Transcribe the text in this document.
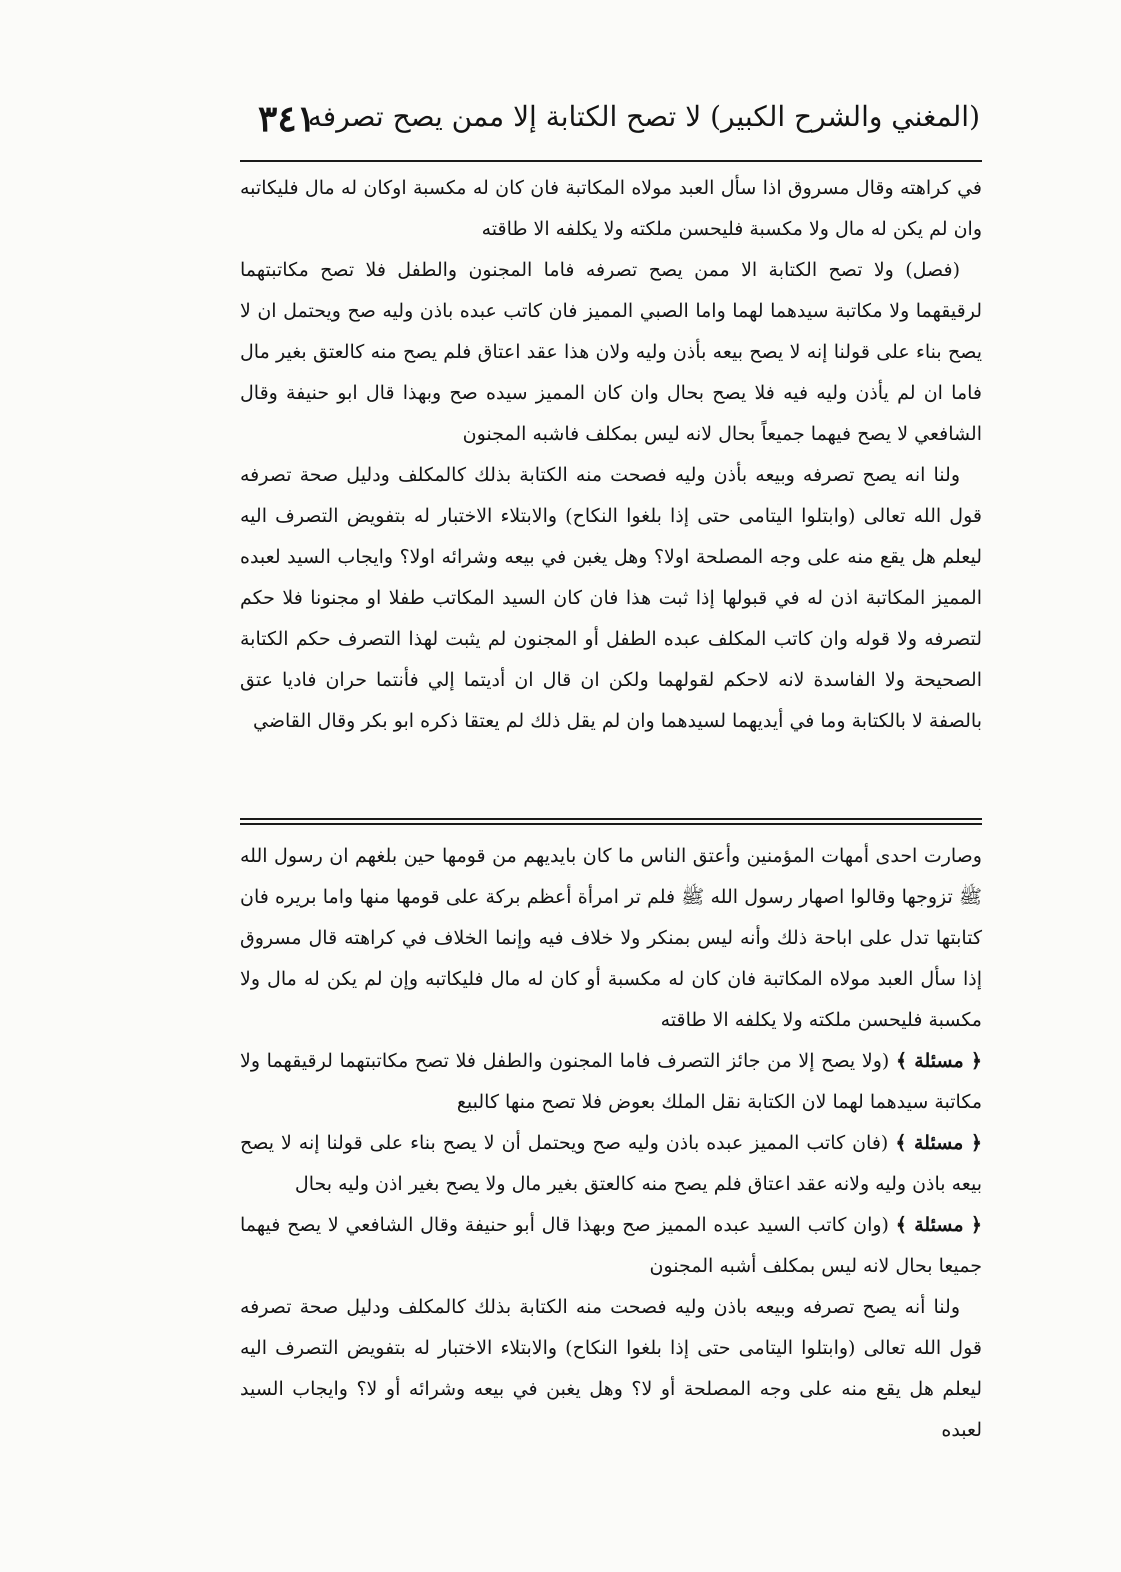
٣٤١
(المغني والشرح الكبير) لا تصح الكتابة إلا ممن يصح تصرفه

في كراهته وقال مسروق اذا سأل العبد مولاه المكاتبة فان كان له مكسبة اوكان له مال فليكاتبه وان لم يكن له مال ولا مكسبة فليحسن ملكته ولا يكلفه الا طاقته

(فصل) ولا تصح الكتابة الا ممن يصح تصرفه فاما المجنون والطفل فلا تصح مكاتبتهما لرقيقهما ولا مكاتبة سيدهما لهما واما الصبي المميز فان كاتب عبده باذن وليه صح ويحتمل ان لا يصح بناء على قولنا إنه لا يصح بيعه بأذن وليه ولان هذا عقد اعتاق فلم يصح منه كالعتق بغير مال فاما ان لم يأذن وليه فيه فلا يصح بحال وان كان المميز سيده صح وبهذا قال ابو حنيفة وقال الشافعي لا يصح فيهما جميعاً بحال لانه ليس بمكلف فاشبه المجنون

ولنا انه يصح تصرفه وبيعه بأذن وليه فصحت منه الكتابة بذلك كالمكلف ودليل صحة تصرفه قول الله تعالى (وابتلوا اليتامى حتى إذا بلغوا النكاح) والابتلاء الاختبار له بتفويض التصرف اليه ليعلم هل يقع منه على وجه المصلحة اولا؟ وهل يغبن في بيعه وشرائه اولا؟ وايجاب السيد لعبده المميز المكاتبة اذن له في قبولها إذا ثبت هذا فان كان السيد المكاتب طفلا او مجنونا فلا حكم لتصرفه ولا قوله وان كاتب المكلف عبده الطفل أو المجنون لم يثبت لهذا التصرف حكم الكتابة الصحيحة ولا الفاسدة لانه لاحكم لقولهما ولكن ان قال ان أديتما إلي فأنتما حران فاديا عتق بالصفة لا بالكتابة وما في أيديهما لسيدهما وان لم يقل ذلك لم يعتقا ذكره ابو بكر وقال القاضي

وصارت احدى أمهات المؤمنين وأعتق الناس ما كان بايديهم من قومها حين بلغهم ان رسول الله ﷺ تزوجها وقالوا اصهار رسول الله ﷺ فلم تر امرأة أعظم بركة على قومها منها واما بريره فان كتابتها تدل على اباحة ذلك وأنه ليس بمنكر ولا خلاف فيه وإنما الخلاف في كراهته قال مسروق إذا سأل العبد مولاه المكاتبة فان كان له مكسبة أو كان له مال فليكاتبه وإن لم يكن له مال ولا مكسبة فليحسن ملكته ولا يكلفه الا طاقته

﴿ مسئلة ﴾ (ولا يصح إلا من جائز التصرف فاما المجنون والطفل فلا تصح مكاتبتهما لرقيقهما ولا مكاتبة سيدهما لهما لان الكتابة نقل الملك بعوض فلا تصح منها كالبيع

﴿ مسئلة ﴾ (فان كاتب المميز عبده باذن وليه صح ويحتمل أن لا يصح بناء على قولنا إنه لا يصح بيعه باذن وليه ولانه عقد اعتاق فلم يصح منه كالعتق بغير مال ولا يصح بغير اذن وليه بحال

﴿ مسئلة ﴾ (وان كاتب السيد عبده المميز صح وبهذا قال أبو حنيفة وقال الشافعي لا يصح فيهما جميعا بحال لانه ليس بمكلف أشبه المجنون

ولنا أنه يصح تصرفه وبيعه باذن وليه فصحت منه الكتابة بذلك كالمكلف ودليل صحة تصرفه قول الله تعالى (وابتلوا اليتامى حتى إذا بلغوا النكاح) والابتلاء الاختبار له بتفويض التصرف اليه ليعلم هل يقع منه على وجه المصلحة أو لا؟ وهل يغبن في بيعه وشرائه أو لا؟ وايجاب السيد لعبده
